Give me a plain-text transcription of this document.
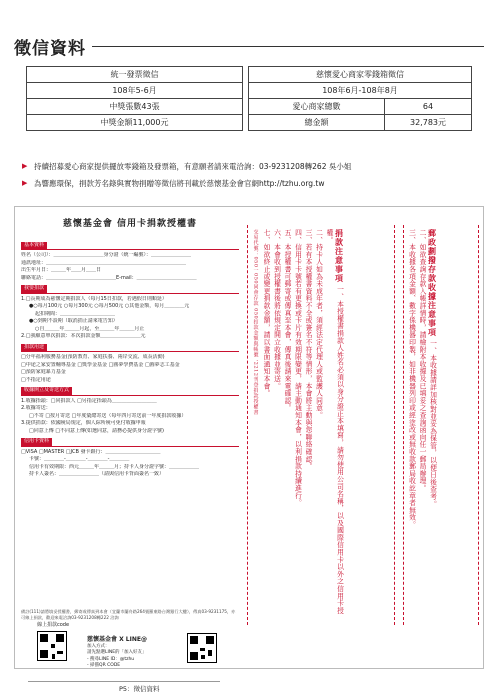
徵信資料
統一發票徵信		慈懷愛心商家零錢箱徵信	
108年5-6月		108年6月-108年8月	
中獎張數43張		愛心商家總數	64
中獎金額11,000元		總金額	32,783元
▶ 持續招募愛心商家提供擺放零錢箱及發票箱，有意願者請來電洽詢：03-9231208轉262 吳小姐
▶ 為響應環保，捐款芳名錄與實物捐贈等徵信將刊載於慈懷基金會官網http://tzhu.org.tw
慈懷基金會 信用卡捐款授權書
基本資料
姓名（公司）：＿＿＿＿＿＿＿＿＿＿身分證（統一編號）：＿＿＿＿＿＿＿＿
通訊地址：＿＿＿＿＿＿＿＿＿＿＿＿＿＿＿＿＿＿＿＿＿＿＿＿＿＿＿＿
出生年月日：＿＿＿年＿＿月＿＿日
聯絡電話：＿＿＿＿＿＿＿＿＿＿＿＿＿＿E-mail：＿＿＿＿＿＿＿＿＿＿＿＿
我要捐款
1.□長期成為慈懷定期捐款人（每月15日扣款，若遇假日則順延）
●○每月100元 ○每月300元 ○每月500元 ○其他金額，每月＿＿＿＿元
起扣期間：＿＿＿＿＿＿＿＿＿＿＿
●○到期不設期（取消捐止請來電告知）
○自＿＿＿年＿＿＿月起，至＿＿＿年＿＿＿月止
2.□我願意單次捐款：本次捐款金額＿＿＿＿＿＿＿＿元
捐款用途
□分年福利服務基金(預防教育、家庭扶養、兩岸交流、成長活動)
□中途之家安置輔導基金 □獎學金基金 □圓夢學費基金 □圓夢志工基金
□預防家庭暴力基金
□不指定用途
收據開立及寄送方式
1.收據抬頭：□同捐款人 □另指定抬頭為＿＿＿＿＿＿＿＿＿
2.收據寄送：
□不寄 □按月寄送 □年度彙總寄送（每年四月寄送前一年度捐款收據）
3.提供捐款：依國稅局規定，個人綜所稅可免付收據申報
□同意上傳 □不同意上傳(如選同意，請務必提供身分證字號)
信用卡資料
□VISA □MASTER □JCB 發卡銀行：＿＿＿＿＿＿＿＿＿＿＿
卡號：＿＿＿＿-＿＿＿＿-＿＿＿＿-＿＿＿＿
信用卡有效期限：西元＿＿＿年＿＿＿月；持卡人身分證字號：＿＿＿＿＿＿
持卡人簽名：＿＿＿＿＿＿＿＿（請與信用卡背面簽名一致）
備註(111)請將填妥授權書，郵寄或傳真到本會（宜蘭市蘭舟路264號羅東路台灣銀行大樓），傳真03-9231175，亦可線上捐款，歡迎來電洽詢03-9231208轉222 洽詢
線上捐款code
慈懷基金會 X LINE@
加入方式：
請先點選LINE的「加入好友」
- 搜尋LINE ID：@tzhu
- 掃描QR CODE
捐款注意事項 一、本授權書捐款人姓名必須以身分證正本填寫，請勿使用公司名稱，以及國際信用卡以外之信用卡授權。
二、持卡人如為未成年者，須經法定代理人或監護人同意。
三、若有本授權書資料不全或簽名不符等情形，本會將主動與您聯絡確認。
四、信用卡卡號若有更換或卡片有效期限變更，請主動通知本會，以利捐款持續進行。
五、本授權書可郵寄或傳真至本會，傳真後請來電確認。
六、本會收到授權書後將依規定開立收據並寄送。
七、如欲終止或變更捐款金額，請以書面通知本會。
交易代號：050一050同會存款 050扣款金額與帳號 '2212刊登捐款授權書	郵政劃撥存款收據注意事項 一、本收據請詳加核對並妥為保管，以便日後查考。
二、如欲查詢存款入帳詳情時，請檢附本收據及已填妥之查詢函向任一郵局辦理。
三、本收據各項金額、數字係機器印製，如非機器列印或經塗改或無收款郵局收訖章者無效。
P5：徵信資料
